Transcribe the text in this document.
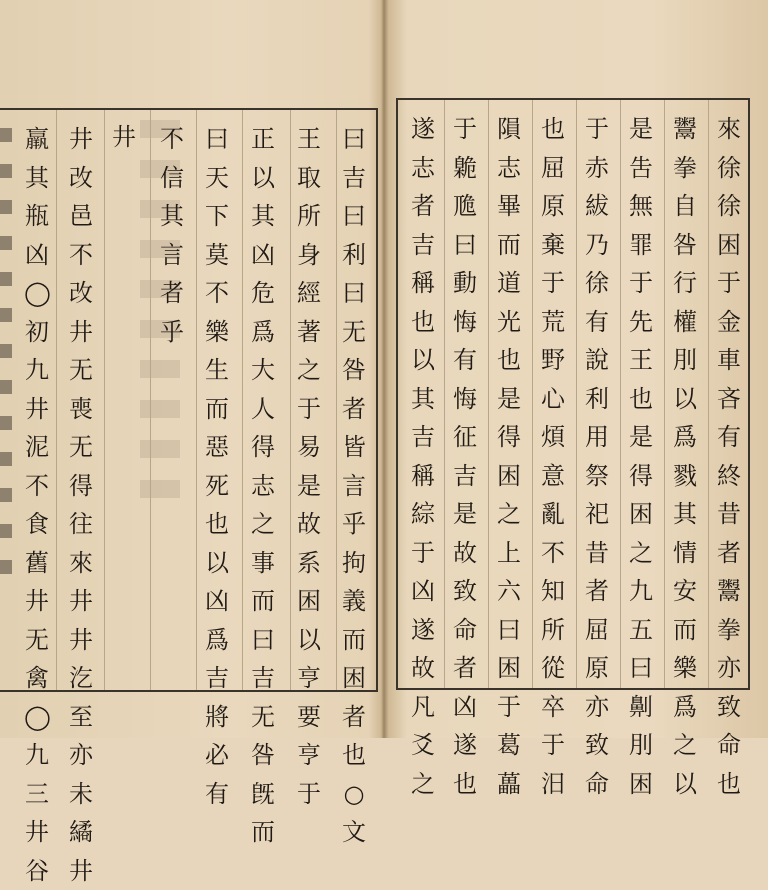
曰
吉
曰
利
曰
无
咎
者
皆
言
乎
拘
義
而
困
者
也
○
文
王
取
所
身
經
著
之
于
易
是
故
系
困
以
亨
要
亨
于
正
以
其
凶
危
爲
大
人
得
志
之
事
而
曰
吉
无
咎
旣
而
曰
天
下
莫
不
樂
生
而
惡
死
也
以
凶
爲
吉
將
必
有
不
信
其
言
者
乎
井
井
改
邑
不
改
井
无
喪
无
得
往
來
井
井
汔
至
亦
未
繘
井
羸
其
瓶
凶
◯
初
九
井
泥
不
食
舊
井
无
禽
◯
九
三
井
谷
來
徐
徐
困
于
金
車
吝
有
終
昔
者
鬻
拳
亦
致
命
也
鬻
拳
自
咎
行
權
刖
以
爲
戮
其
情
安
而
樂
爲
之
以
是
吿
無
罪
于
先
王
也
是
得
困
之
九
五
曰
劓
刖
困
于
赤
紱
乃
徐
有
說
利
用
祭
祀
昔
者
屈
原
亦
致
命
也
屈
原
棄
于
荒
野
心
煩
意
亂
不
知
所
從
卒
于
汨
隕
志
畢
而
道
光
也
是
得
困
之
上
六
曰
困
于
葛
藟
于
臲
卼
曰
動
悔
有
悔
征
吉
是
故
致
命
者
凶
遂
也
遂
志
者
吉
稱
也
以
其
吉
稱
綜
于
凶
遂
故
凡
爻
之
